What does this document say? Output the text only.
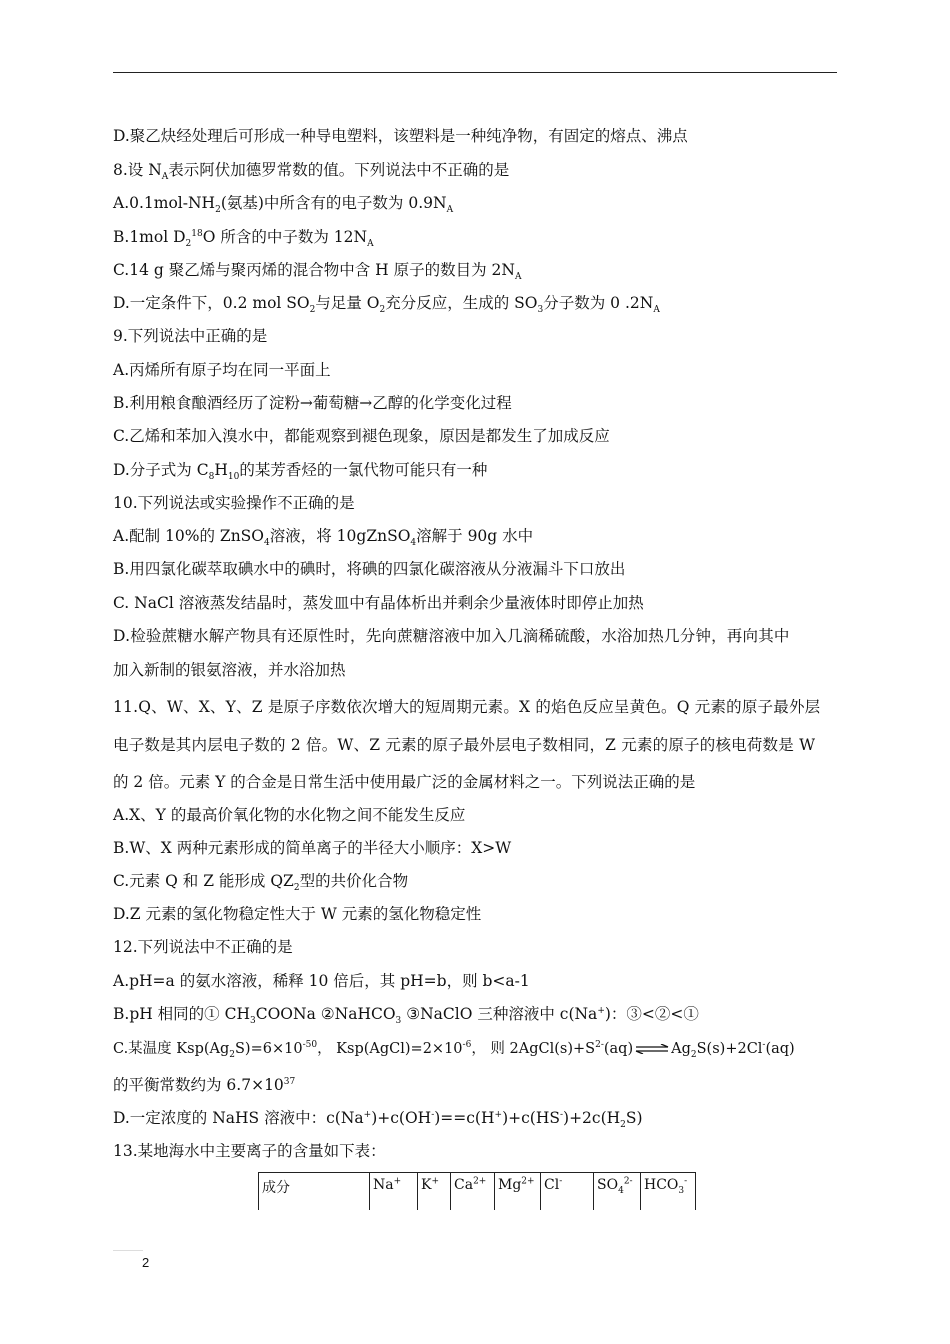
D.聚乙炔经处理后可形成一种导电塑料，该塑料是一种纯净物，有固定的熔点、沸点
8.设 $N_A$表示阿伏加德罗常数的值。下列说法中不正确的是
$A.0.1mol-NH_2$(氨基)中所含有的电子数为 $0.9N_A$
B.1mol $D_2^{18}O$ 所含的中子数为 $12N_A$
C.14 g 聚乙烯与聚丙烯的混合物中含 H 原子的数目为 $2N_A$
D.一定条件下，0.2 mol $SO_2$与足量 $O_2$充分反应，生成的 $SO_3$分子数为 0 $.2N_A$
9.下列说法中正确的是
A.丙烯所有原子均在同一平面上
B.利用粮食酿酒经历了淀粉→葡萄糖→乙醇的化学变化过程
C.乙烯和苯加入溴水中，都能观察到褪色现象，原因是都发生了加成反应
D.分子式为 $C_8H_{10}$的某芳香烃的一氯代物可能只有一种
10.下列说法或实验操作不正确的是
A.配制 10%的 ZnSO$_4$溶液，将 10gZnSO$_4$溶解于 90g 水中
B.用四氯化碳萃取碘水中的碘时，将碘的四氯化碳溶液从分液漏斗下口放出
C. NaCl 溶液蒸发结晶时，蒸发皿中有晶体析出并剩余少量液体时即停止加热
D.检验蔗糖水解产物具有还原性时，先向蔗糖溶液中加入几滴稀硫酸，水浴加热几分钟，再向其中
加入新制的银氨溶液，并水浴加热
11.Q、W、X、Y、Z 是原子序数依次增大的短周期元素。X 的焰色反应呈黄色。Q 元素的原子最外层
电子数是其内层电子数的 2 倍。W、Z 元素的原子最外层电子数相同，Z 元素的原子的核电荷数是 W
的 2 倍。元素 Y 的合金是日常生活中使用最广泛的金属材料之一。下列说法正确的是
A.X、Y 的最高价氧化物的水化物之间不能发生反应
B.W、X 两种元素形成的简单离子的半径大小顺序：X>W
C.元素 Q 和 Z 能形成 $QZ_2$型的共价化合物
D.Z 元素的氢化物稳定性大于 W 元素的氢化物稳定性
12.下列说法中不正确的是
A.pH=a 的氨水溶液，稀释 10 倍后，其 pH=b，则 b<a-1
B.pH 相同的① $CH_3COONa$ ②NaHCO$_3$ ③NaClO 三种溶液中 c(Na+)：③<②<①
C.某温度 $Ksp(Ag_2S)=6\times 10^{-50}$， $Ksp(AgCl)=2\times 10^{-6}$， 则 $2AgCl(s)+S^{2-}(aq)$ ⇌ $Ag_2S(s)+2Cl^-(aq)$
的平衡常数约为 $6.7\times 10^{37}$
D.一定浓度的 NaHS 溶液中：$c(Na^+)+c(OH^-)==c(H^+)+c(HS^-)+2c(H_2S)$
13.某地海水中主要离子的含量如下表：
成分	Na+	K+	$Ca^{2+}$	$Mg^{2+}$	Cl-	$SO_4^{2-}$	$HCO_3^-$
2
